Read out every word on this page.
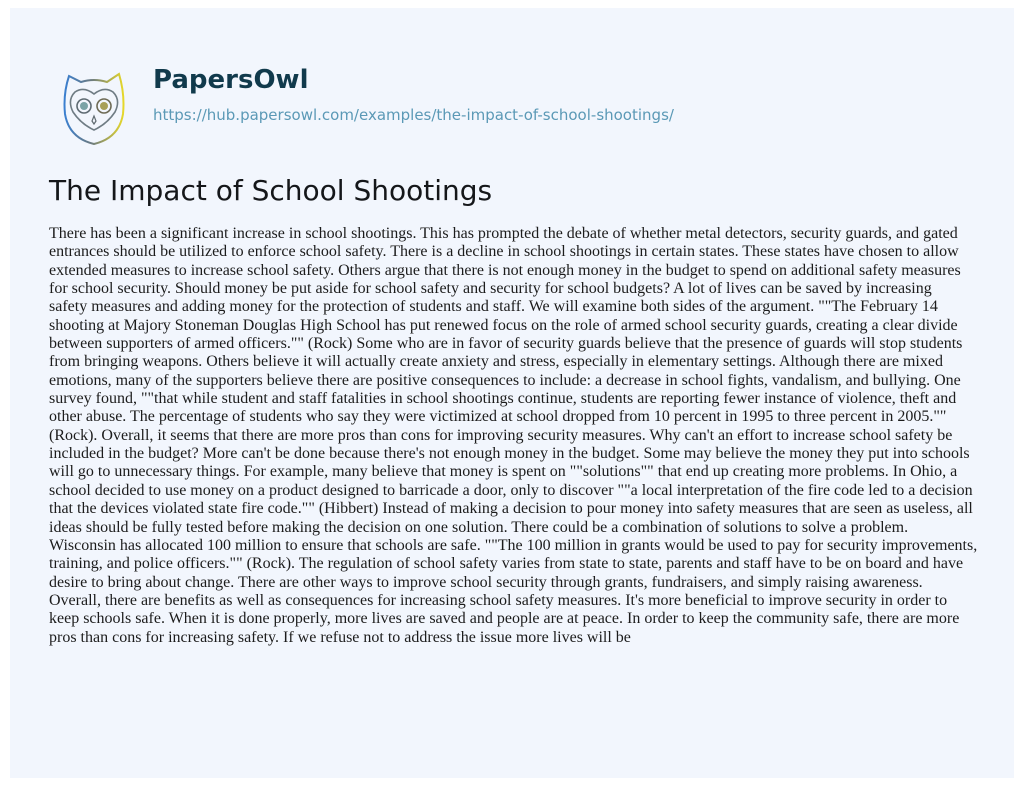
PapersOwl
https://hub.papersowl.com/examples/the-impact-of-school-shootings/
The Impact of School Shootings

There has been a significant increase in school shootings. This has prompted the debate of whether metal detectors, security guards, and gated
entrances should be utilized to enforce school safety. There is a decline in school shootings in certain states. These states have chosen to allow
extended measures to increase school safety. Others argue that there is not enough money in the budget to spend on additional safety measures
for school security. Should money be put aside for school safety and security for school budgets? A lot of lives can be saved by increasing
safety measures and adding money for the protection of students and staff. We will examine both sides of the argument. ""The February 14
shooting at Majory Stoneman Douglas High School has put renewed focus on the role of armed school security guards, creating a clear divide
between supporters of armed officers."" (Rock) Some who are in favor of security guards believe that the presence of guards will stop students
from bringing weapons. Others believe it will actually create anxiety and stress, especially in elementary settings. Although there are mixed
emotions, many of the supporters believe there are positive consequences to include: a decrease in school fights, vandalism, and bullying. One
survey found, ""that while student and staff fatalities in school shootings continue, students are reporting fewer instance of violence, theft and
other abuse. The percentage of students who say they were victimized at school dropped from 10 percent in 1995 to three percent in 2005.""
(Rock). Overall, it seems that there are more pros than cons for improving security measures. Why can't an effort to increase school safety be
included in the budget? More can't be done because there's not enough money in the budget. Some may believe the money they put into schools
will go to unnecessary things. For example, many believe that money is spent on ""solutions"" that end up creating more problems. In Ohio, a
school decided to use money on a product designed to barricade a door, only to discover ""a local interpretation of the fire code led to a decision
that the devices violated state fire code."" (Hibbert) Instead of making a decision to pour money into safety measures that are seen as useless, all
ideas should be fully tested before making the decision on one solution. There could be a combination of solutions to solve a problem.
Wisconsin has allocated 100 million to ensure that schools are safe. ""The 100 million in grants would be used to pay for security improvements,
training, and police officers."" (Rock). The regulation of school safety varies from state to state, parents and staff have to be on board and have
desire to bring about change. There are other ways to improve school security through grants, fundraisers, and simply raising awareness.
Overall, there are benefits as well as consequences for increasing school safety measures. It's more beneficial to improve security in order to
keep schools safe. When it is done properly, more lives are saved and people are at peace. In order to keep the community safe, there are more
pros than cons for increasing safety. If we refuse not to address the issue more lives will be
